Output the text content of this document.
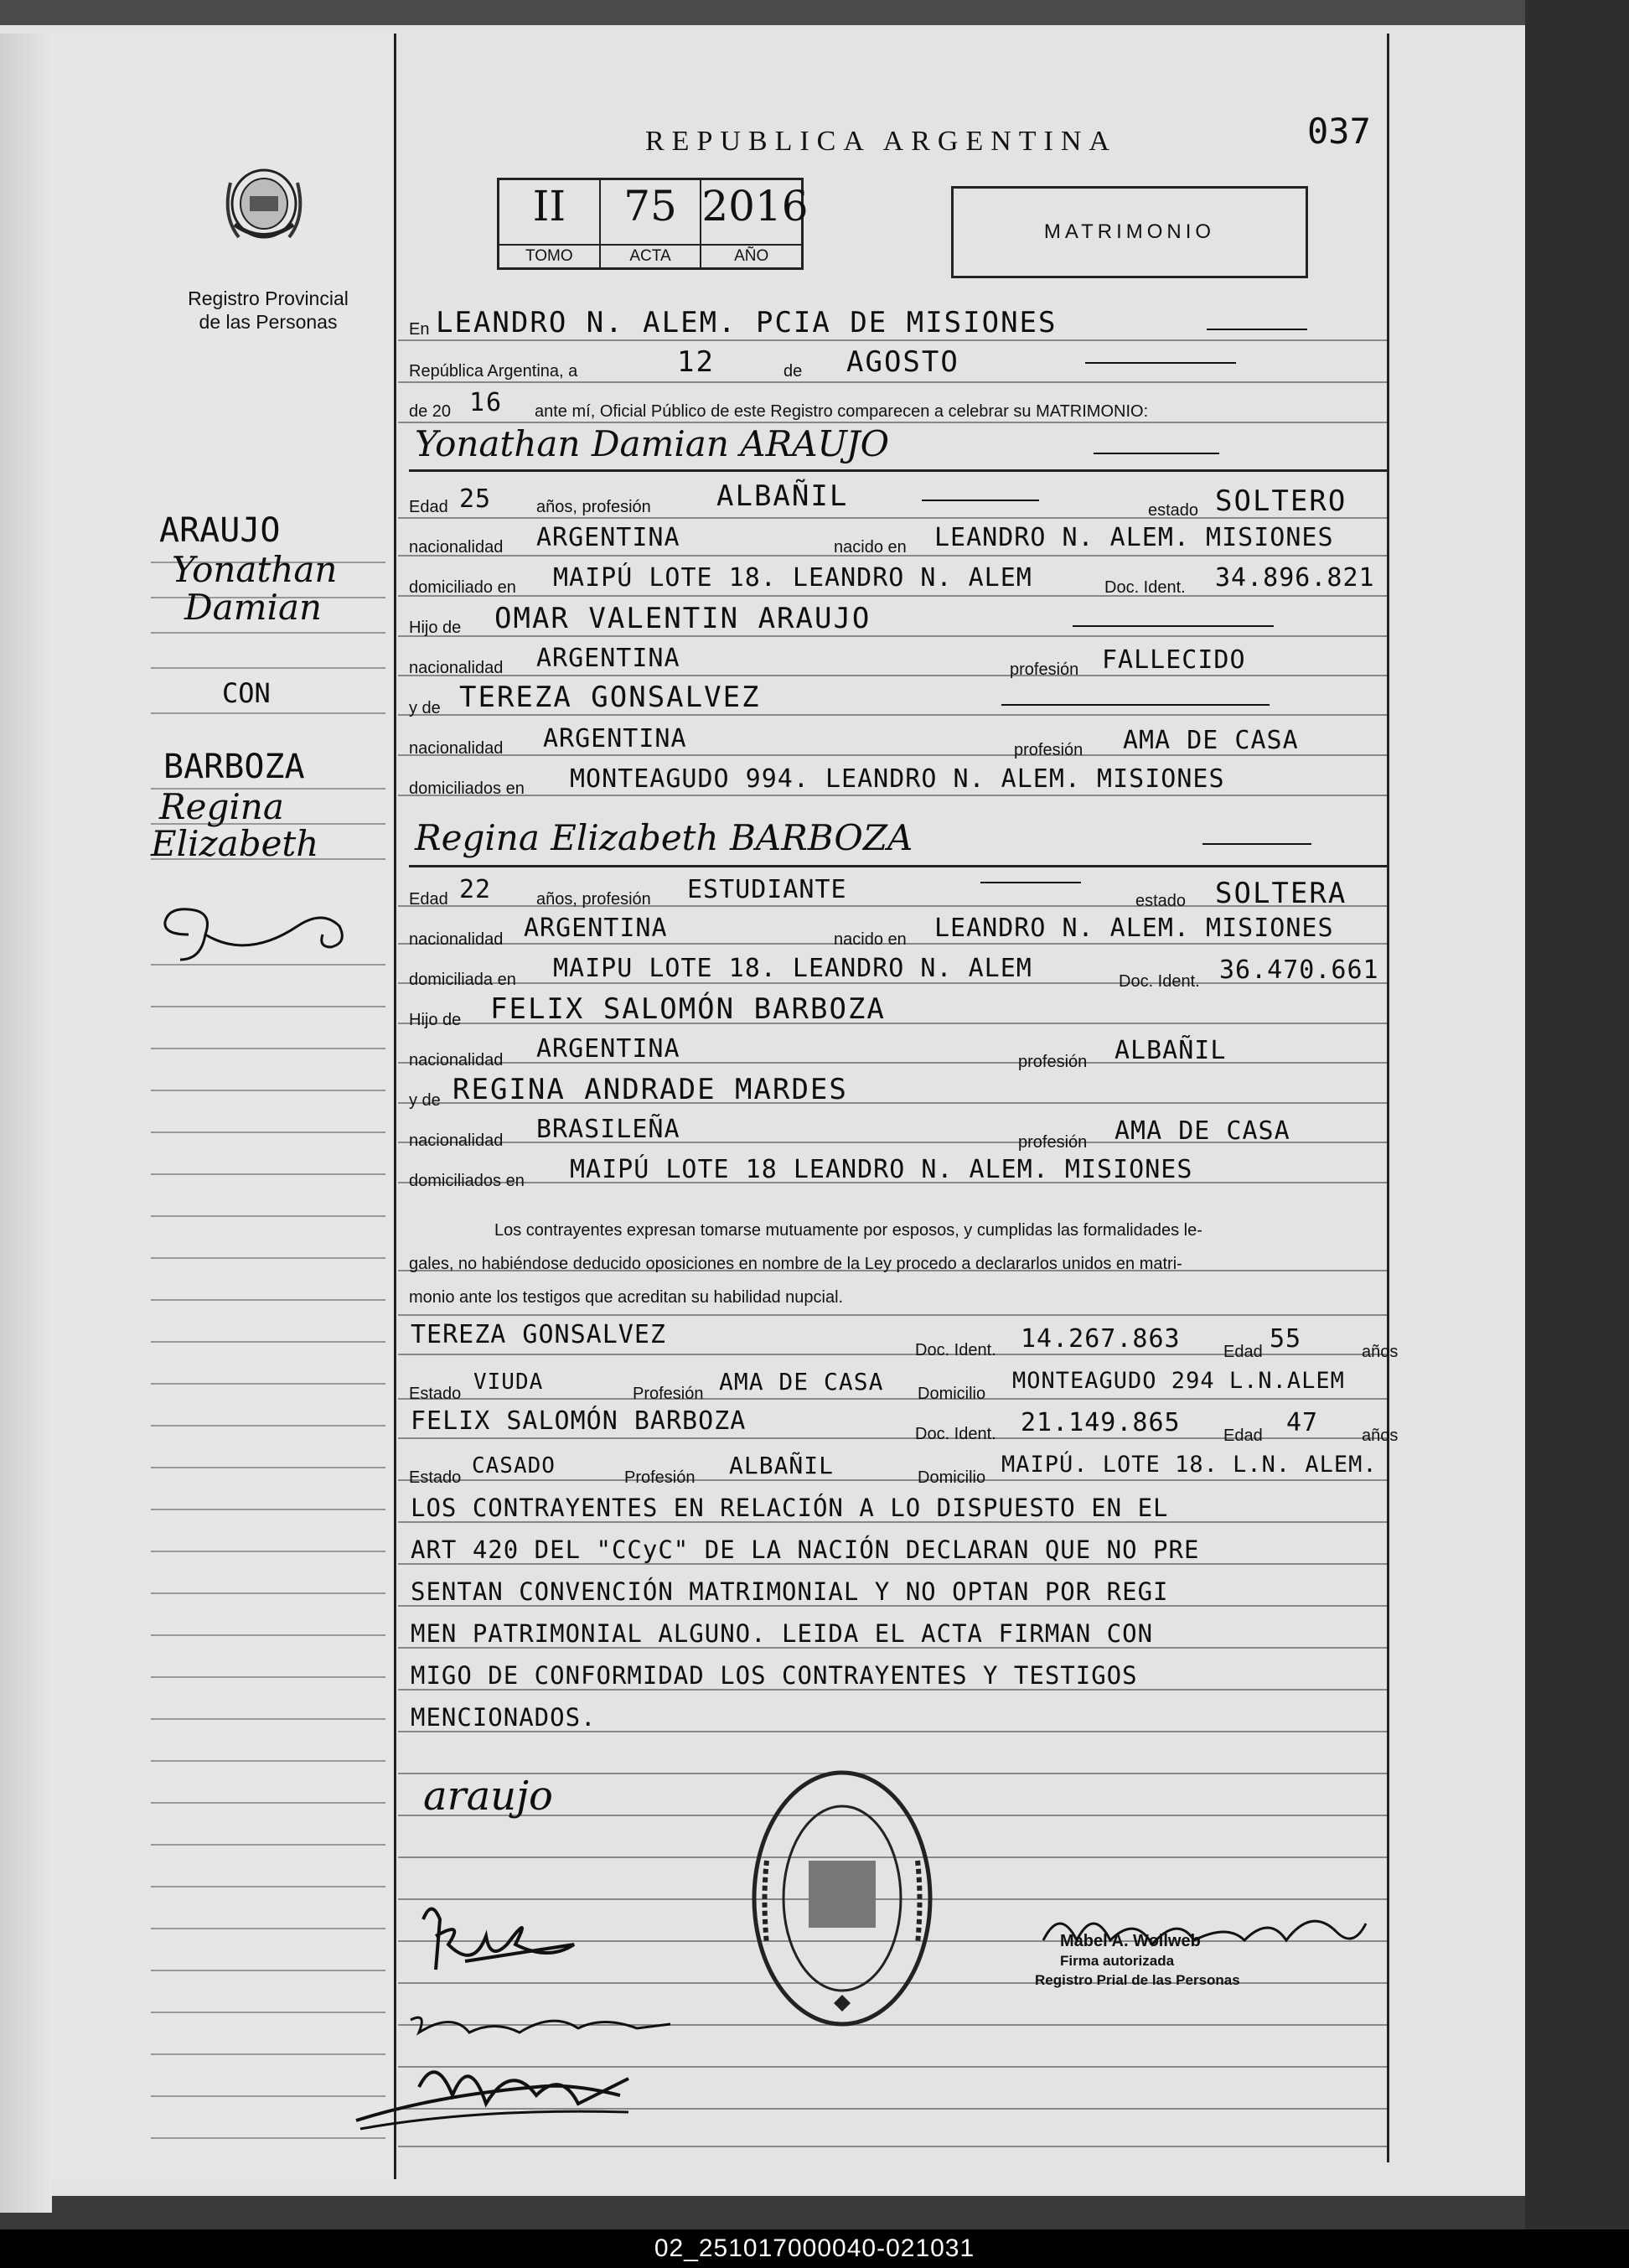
REPUBLICA ARGENTINA	037
Registro Provincial
de las Personas
II
TOMO
75
ACTA
2016
AÑO
MATRIMONIO
ARAUJO
Yonathan
Damian
CON
BARBOZA
Regina
Elizabeth
En LEANDRO N. ALEM. PCIA DE MISIONES
República Argentina, a	12	de AGOSTO
de 20 16 ante mí, Oficial Público de este Registro comparecen a celebrar su MATRIMONIO:
Yonathan Damian ARAUJO
Edad 25	años, profesión ALBAÑIL	estado SOLTERO
nacionalidad ARGENTINA	nacido en LEANDRO N. ALEM. MISIONES
domiciliado en MAIPÚ LOTE 18. LEANDRO N. ALEM	Doc. Ident. 34.896.821
Hijo de OMAR VALENTIN ARAUJO
nacionalidad ARGENTINA	profesión FALLECIDO
y de TEREZA GONSALVEZ
nacionalidad ARGENTINA	profesión AMA DE CASA
domiciliados en MONTEAGUDO 994. LEANDRO N. ALEM. MISIONES
Regina Elizabeth BARBOZA
Edad 22	años, profesión ESTUDIANTE	estado SOLTERA
nacionalidad ARGENTINA	nacido en LEANDRO N. ALEM. MISIONES
domiciliada en MAIPU LOTE 18. LEANDRO N. ALEM	Doc. Ident. 36.470.661
Hijo de FELIX SALOMÓN BARBOZA
nacionalidad ARGENTINA	profesión ALBAÑIL
y de REGINA ANDRADE MARDES
nacionalidad BRASILEÑA	profesión AMA DE CASA
domiciliados en MAIPÚ LOTE 18 LEANDRO N. ALEM. MISIONES
Los contrayentes expresan tomarse mutuamente por esposos, y cumplidas las formalidades le-
gales, no habiéndose deducido oposiciones en nombre de la Ley procedo a declararlos unidos en matri-
monio ante los testigos que acreditan su habilidad nupcial.
TEREZA GONSALVEZ
Doc. Ident. 14.267.863	Edad 55	años
Estado VIUDA	Profesión AMA DE CASA Domicilio MONTEAGUDO 294 L.N.ALEM
FELIX SALOMÓN BARBOZA	Doc. Ident. 21.149.865	Edad 47	años
Estado CASADO	Profesión ALBAÑIL	Domicilio MAIPÚ. LOTE 18. L.N. ALEM.
LOS CONTRAYENTES EN RELACIÓN A LO DISPUESTO EN EL
ART 420 DEL "CCyC" DE LA NACIÓN DECLARAN QUE NO PRE
SENTAN CONVENCIÓN MATRIMONIAL Y NO OPTAN POR REGI
MEN PATRIMONIAL ALGUNO. LEIDA EL ACTA FIRMAN CON
MIGO DE CONFORMIDAD LOS CONTRAYENTES Y TESTIGOS
MENCIONADOS.
araujo
Mabel A. Wollweb
Firma autorizada
Registro Prial de las Personas
02_251017000040-021031
